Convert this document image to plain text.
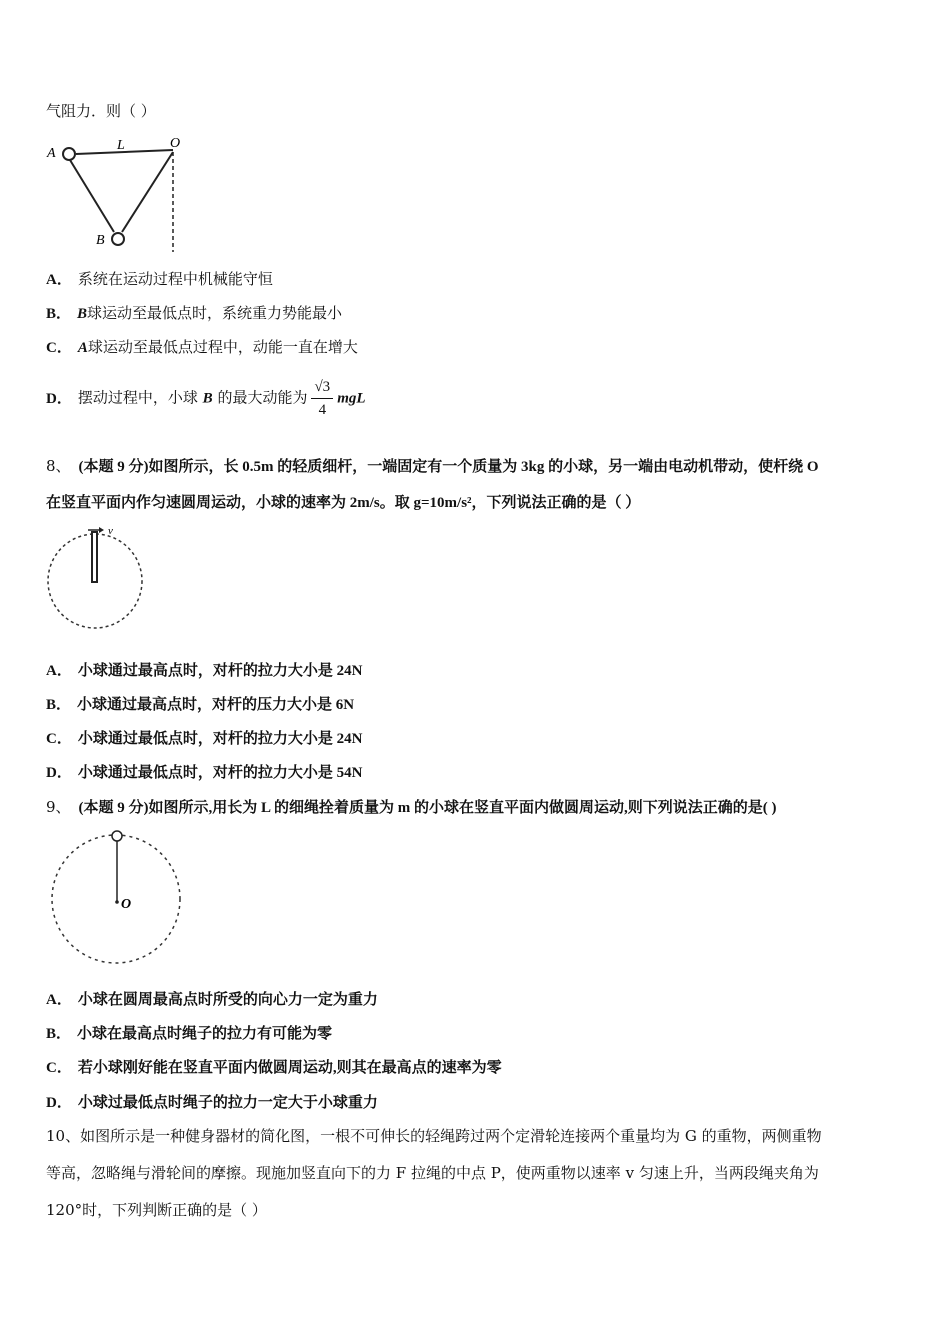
气阻力．则（ ）
A
L	O
B
A． 系统在运动过程中机械能守恒
B． B球运动至最低点时，系统重力势能最小
C． A球运动至最低点过程中，动能一直在增大
D． 摆动过程中，小球 B 的最大动能为 $\frac{√3}{4}$ mgL
8、 (本题 9 分)如图所示，长 0.5m 的轻质细杆，一端固定有一个质量为 3kg 的小球，另一端由电动机带动，使杆绕 O
在竖直平面内作匀速圆周运动，小球的速率为 2m/s。取 g=10m/s²，下列说法正确的是（ ）
v
A． 小球通过最高点时，对杆的拉力大小是 24N
B． 小球通过最高点时，对杆的压力大小是 6N
C． 小球通过最低点时，对杆的拉力大小是 24N
D． 小球通过最低点时，对杆的拉力大小是 54N
9、 (本题 9 分)如图所示,用长为 L 的细绳拴着质量为 m 的小球在竖直平面内做圆周运动,则下列说法正确的是( )
O
A． 小球在圆周最高点时所受的向心力一定为重力
B． 小球在最高点时绳子的拉力有可能为零
C． 若小球刚好能在竖直平面内做圆周运动,则其在最高点的速率为零
D． 小球过最低点时绳子的拉力一定大于小球重力
10、如图所示是一种健身器材的简化图，一根不可伸长的轻绳跨过两个定滑轮连接两个重量均为 G 的重物，两侧重物
等高，忽略绳与滑轮间的摩擦。现施加竖直向下的力 F 拉绳的中点 P，使两重物以速率 v 匀速上升，当两段绳夹角为
120°时，下列判断正确的是（ ）
